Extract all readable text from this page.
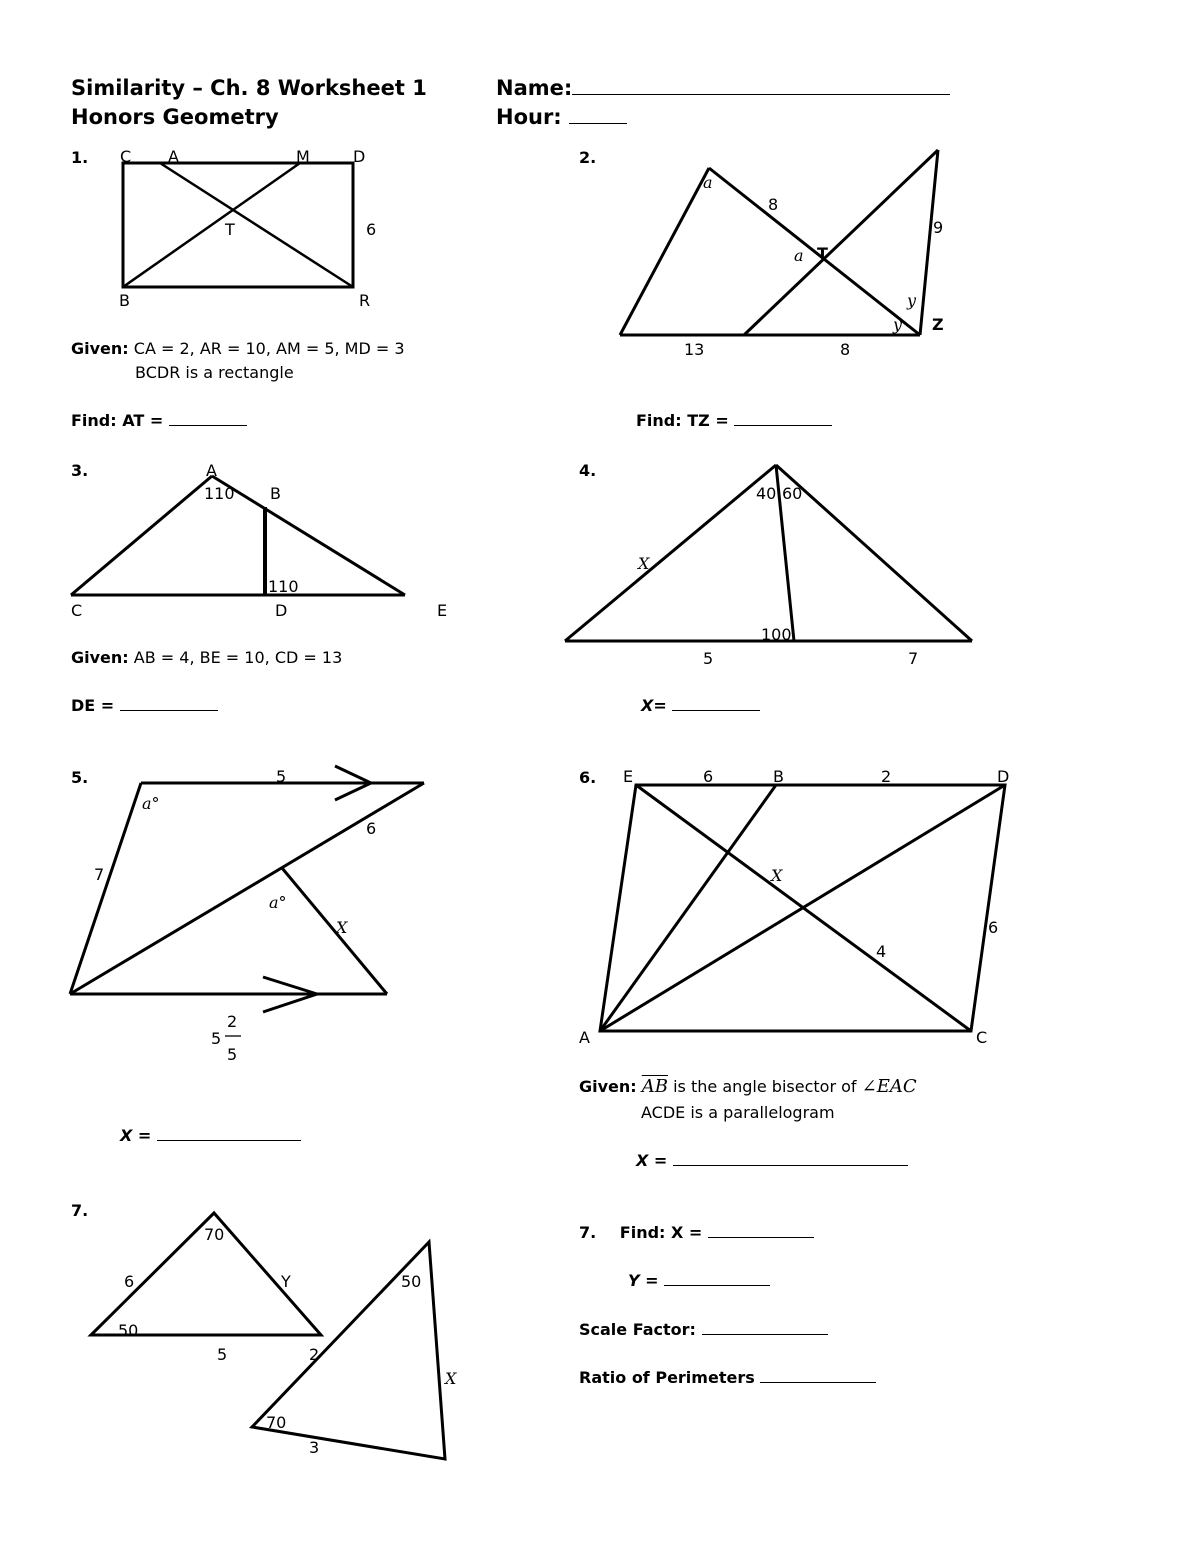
Similarity – Ch. 8 Worksheet 1
Honors Geometry
Name:
Hour:
1.	2.
3.	4.
5.	6.
7.
C A	M	D
T	6
B	R
a
8
9
a T
y
y Z
13	8
A
110 B
110
C	D	E
40 60
X
100
5	7
5
a°
6
7
a°
X
5
2
5
E	6	B	2	D
X
6
4
A	C
70
6	Y
50
5	2
50
X
70
3
Given: CA = 2, AR = 10, AM = 5, MD = 3
BCDR is a rectangle
Find: AT =	Find: TZ =
Given: AB = 4, BE = 10, CD = 13
DE =	X=
X =
Given: $\overline{AB}$ is the angle bisector of ∠EAC
ACDE is a parallelogram
X =
7. Find: X =
Y =
Scale Factor:
Ratio of Perimeters
